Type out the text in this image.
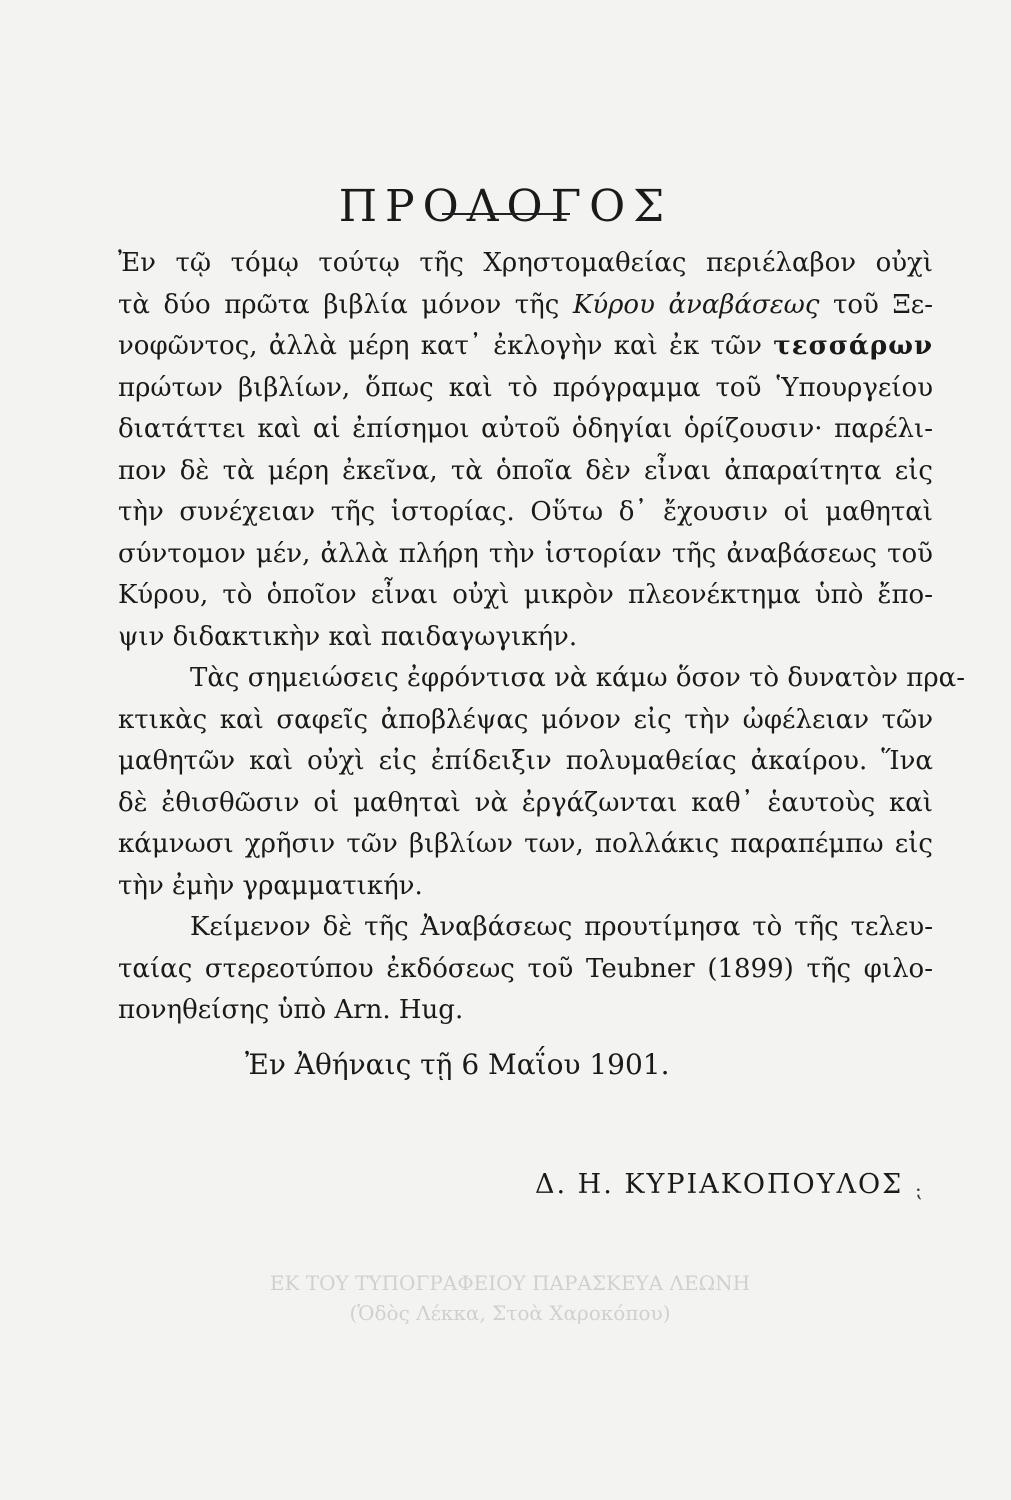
ΠΡΟΛΟΓΟΣ
Ἐν τῷ τόμῳ τούτῳ τῆς Χρηστομαθείας περιέλαβον οὐχὶ
τὰ δύο πρῶτα βιβλία μόνον τῆς Κύρου ἀναβάσεως τοῦ Ξε-
νοφῶντος, ἀλλὰ μέρη κατ᾽ ἐκλογὴν καὶ ἐκ τῶν τεσσάρων
πρώτων βιβλίων, ὅπως καὶ τὸ πρόγραμμα τοῦ Ὑπουργείου
διατάττει καὶ αἱ ἐπίσημοι αὐτοῦ ὁδηγίαι ὁρίζουσιν· παρέλι-
πον δὲ τὰ μέρη ἐκεῖνα, τὰ ὁποῖα δὲν εἶναι ἀπαραίτητα εἰς
τὴν συνέχειαν τῆς ἱστορίας. Οὕτω δ᾽ ἔχουσιν οἱ μαθηταὶ
σύντομον μέν, ἀλλὰ πλήρη τὴν ἱστορίαν τῆς ἀναβάσεως τοῦ
Κύρου, τὸ ὁποῖον εἶναι οὐχὶ μικρὸν πλεονέκτημα ὑπὸ ἔπο-
ψιν διδακτικὴν καὶ παιδαγωγικήν.
Τὰς σημειώσεις ἐφρόντισα νὰ κάμω ὅσον τὸ δυνατὸν πρα-
κτικὰς καὶ σαφεῖς ἀποβλέψας μόνον εἰς τὴν ὠφέλειαν τῶν
μαθητῶν καὶ οὐχὶ εἰς ἐπίδειξιν πολυμαθείας ἀκαίρου. Ἵνα
δὲ ἐθισθῶσιν οἱ μαθηταὶ νὰ ἐργάζωνται καθ᾽ ἑαυτοὺς καὶ
κάμνωσι χρῆσιν τῶν βιβλίων των, πολλάκις παραπέμπω εἰς
τὴν ἐμὴν γραμματικήν.
Κείμενον δὲ τῆς Ἀναβάσεως προυτίμησα τὸ τῆς τελευ-
ταίας στερεοτύπου ἐκδόσεως τοῦ Teubner (1899) τῆς φιλο-
πονηθείσης ὑπὸ Arn. Hug.
Ἐν Ἀθήναις τῇ 6 Μαΐου 1901.
Δ. Η. ΚΥΡΙΑΚΟΠΟΥΛΟΣ ⁏
ΕΚ ΤΟΥ ΤΥΠΟΓΡΑΦΕΙΟΥ ΠΑΡΑΣΚΕΥΑ ΛΕΩΝΗ
(Ὁδὸς Λέκκα, Στοὰ Χαροκόπου)
